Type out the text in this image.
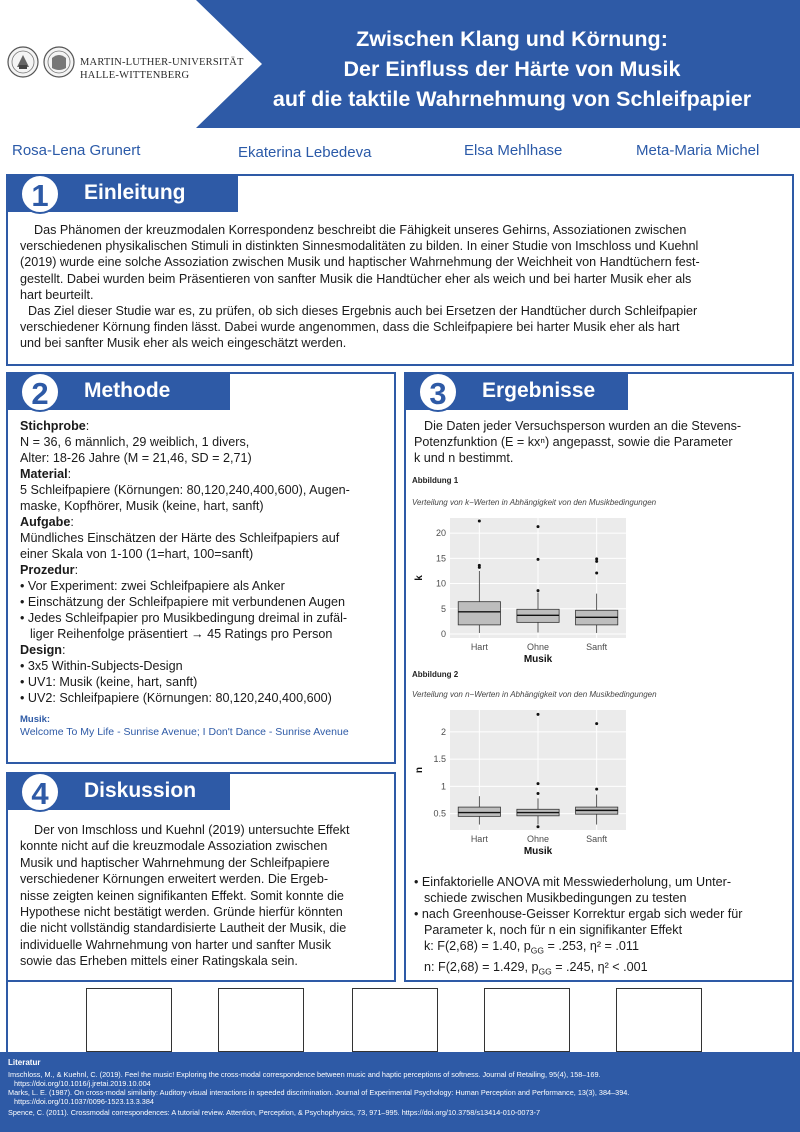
Zwischen Klang und Körnung:
Der Einfluss der Härte von Musik
auf die taktile Wahrnehmung von Schleifpapier
MARTIN-LUTHER-UNIVERSITÄT
HALLE-WITTENBERG
Rosa-Lena Grunert	Ekaterina Lebedeva	Elsa Mehlhase	Meta-Maria Michel
1	Einleitung
Das Phänomen der kreuzmodalen Korrespondenz beschreibt die Fähigkeit unseres Gehirns, Assoziationen zwischen
verschiedenen physikalischen Stimuli in distinkten Sinnesmodalitäten zu bilden. In einer Studie von Imschloss und Kuehnl
(2019) wurde eine solche Assoziation zwischen Musik und haptischer Wahrnehmung der Weichheit von Handtüchern fest-
gestellt. Dabei wurden beim Präsentieren von sanfter Musik die Handtücher eher als weich und bei harter Musik eher als
hart beurteilt.
Das Ziel dieser Studie war es, zu prüfen, ob sich dieses Ergebnis auch bei Ersetzen der Handtücher durch Schleifpapier
verschiedener Körnung finden lässt. Dabei wurde angenommen, dass die Schleifpapiere bei harter Musik eher als hart
und bei sanfter Musik eher als weich eingeschätzt werden.
2	Methode
Stichprobe:
N = 36, 6 männlich, 29 weiblich, 1 divers,
Alter: 18-26 Jahre (M = 21,46, SD = 2,71)
Material:
5 Schleifpapiere (Körnungen: 80,120,240,400,600), Augen-
maske, Kopfhörer, Musik (keine, hart, sanft)
Aufgabe:
Mündliches Einschätzen der Härte des Schleifpapiers auf
einer Skala von 1-100 (1=hart, 100=sanft)
Prozedur:
• Vor Experiment: zwei Schleifpapiere als Anker
• Einschätzung der Schleifpapiere mit verbundenen Augen
• Jedes Schleifpapier pro Musikbedingung dreimal in zufäl-
liger Reihenfolge präsentiert → 45 Ratings pro Person
Design:
• 3x5 Within-Subjects-Design
• UV1: Musik (keine, hart, sanft)
• UV2: Schleifpapiere (Körnungen: 80,120,240,400,600)
Musik:
Welcome To My Life - Sunrise Avenue; I Don't Dance - Sunrise Avenue
3	Ergebnisse
Die Daten jeder Versuchsperson wurden an die Stevens-
Potenzfunktion (E = kxⁿ) angepasst, sowie die Parameter
k und n bestimmt.
Abbildung 1
Verteilung von k−Werten in Abhängigkeit von den Musikbedingungen
0
5
10
15
20
Hart	Ohne	Sanft
Musik
k
Abbildung 2
Verteilung von n−Werten in Abhängigkeit von den Musikbedingungen
0.5
1
1.5
2
Hart	Ohne	Sanft
Musik
n
• Einfaktorielle ANOVA mit Messwiederholung, um Unter-
schiede zwischen Musikbedingungen zu testen
• nach Greenhouse-Geisser Korrektur ergab sich weder für
Parameter k, noch für n ein signifikanter Effekt
k: F(2,68) = 1.40, $p_{GG} = .253$, η² = .011
n: F(2,68) = 1.429, $p_{GG} = .245$, η² < .001
4	Diskussion
Der von Imschloss und Kuehnl (2019) untersuchte Effekt
konnte nicht auf die kreuzmodale Assoziation zwischen
Musik und haptischer Wahrnehmung der Schleifpapiere
verschiedener Körnungen erweitert werden. Die Ergeb-
nisse zeigten keinen signifikanten Effekt. Somit konnte die
Hypothese nicht bestätigt werden. Gründe hierfür könnten
die nicht vollständig standardisierte Lautheit der Musik, die
individuelle Wahrnehmung von harter und sanfter Musik
sowie das Erheben mittels einer Ratingskala sein.
Literatur
Imschloss, M., & Kuehnl, C. (2019). Feel the music! Exploring the cross-modal correspondence between music and haptic perceptions of softness. Journal of Retailing, 95(4), 158–169.
https://doi.org/10.1016/j.jretai.2019.10.004
Marks, L. E. (1987). On cross-modal similarity: Auditory-visual interactions in speeded discrimination. Journal of Experimental Psychology: Human Perception and Performance, 13(3), 384–394.
https://doi.org/10.1037/0096-1523.13.3.384
Spence, C. (2011). Crossmodal correspondences: A tutorial review. Attention, Perception, & Psychophysics, 73, 971–995. https://doi.org/10.3758/s13414-010-0073-7
